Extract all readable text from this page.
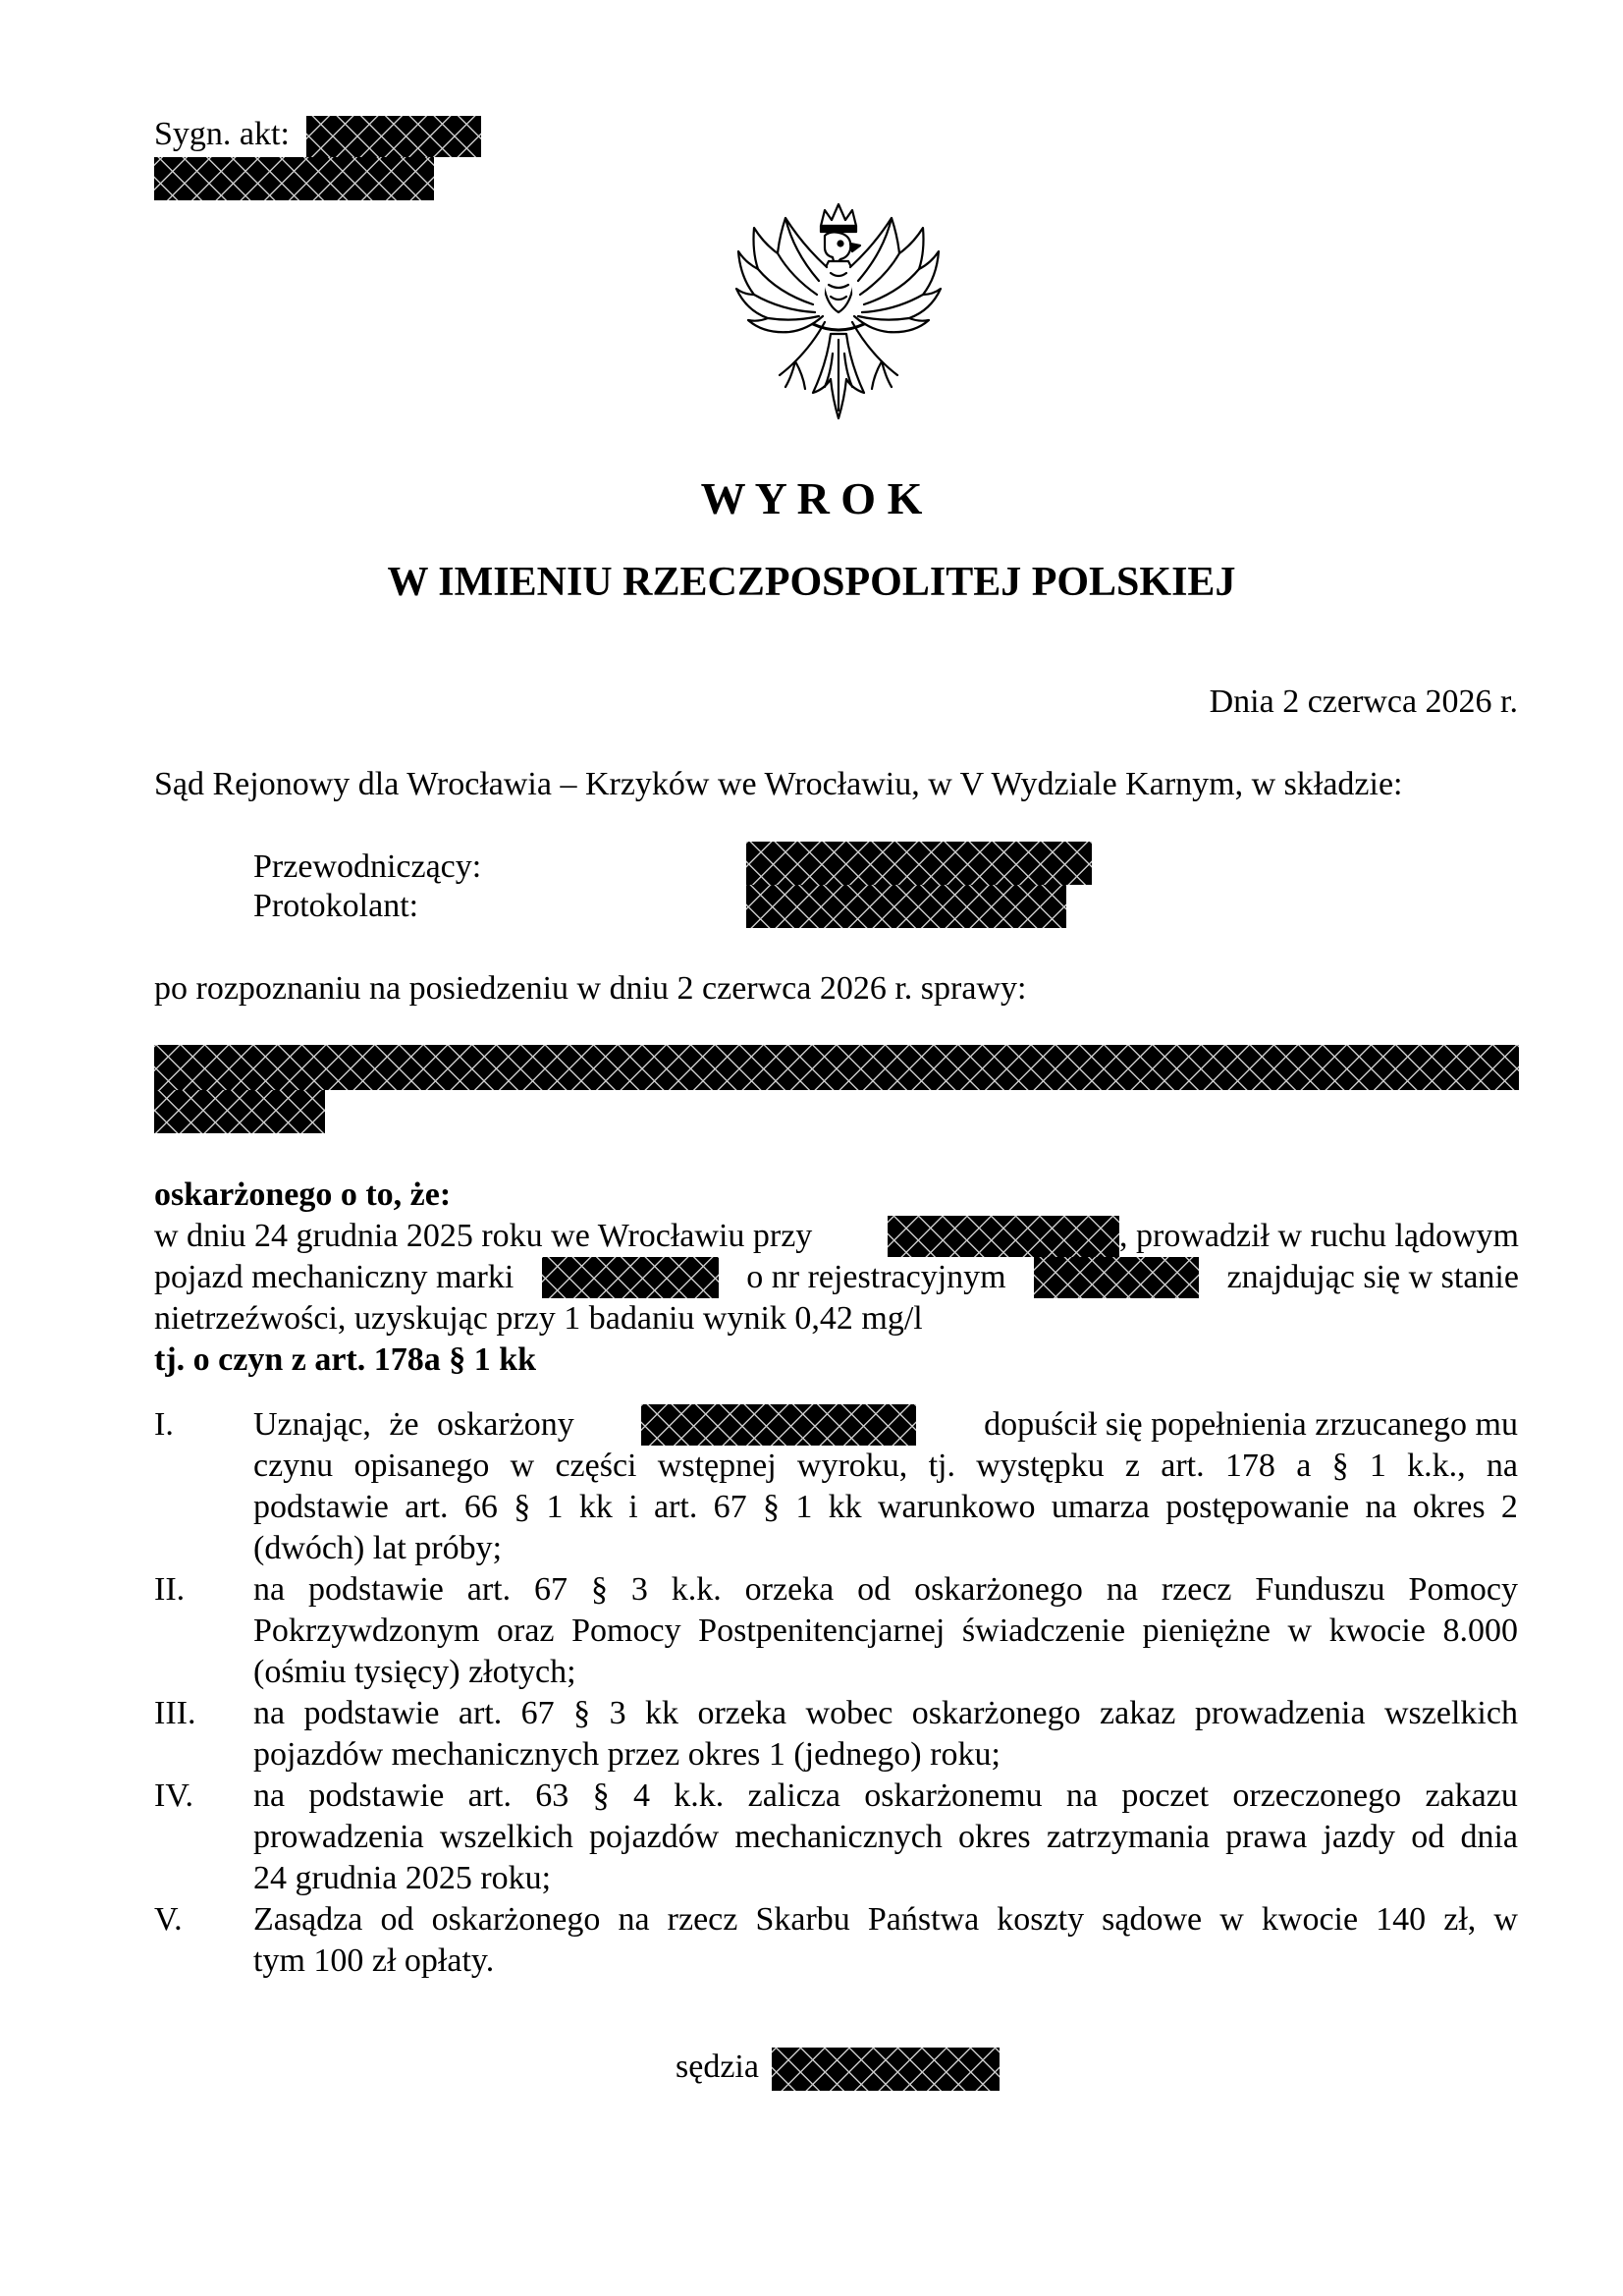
Sygn. akt:
W Y R O K
W IMIENIU RZECZPOSPOLITEJ POLSKIEJ
Dnia 2 czerwca 2026 r.
Sąd Rejonowy dla Wrocławia – Krzyków we Wrocławiu, w V Wydziale Karnym, w składzie:
Przewodniczący:
Protokolant:
po rozpoznaniu na posiedzeniu w dniu 2 czerwca 2026 r. sprawy:
oskarżonego o to, że:
w dniu 24 grudnia 2025 roku we Wrocławiu przy	, prowadził w ruchu lądowym
pojazd mechaniczny marki	o nr rejestracyjnym	znajdując się w stanie
nietrzeźwości, uzyskując przy 1 badaniu wynik 0,42 mg/l
tj. o czyn z art. 178a § 1 kk
I. Uznając, że oskarżony	dopuścił się popełnienia zrzucanego mu
czynu opisanego w części wstępnej wyroku, tj. występku z art. 178 a § 1 k.k., na
podstawie art. 66 § 1 kk i art. 67 § 1 kk warunkowo umarza postępowanie na okres 2
(dwóch) lat próby;
II. na podstawie art. 67 § 3 k.k. orzeka od oskarżonego na rzecz Funduszu Pomocy
Pokrzywdzonym oraz Pomocy Postpenitencjarnej świadczenie pieniężne w kwocie 8.000
(ośmiu tysięcy) złotych;
III. na podstawie art. 67 § 3 kk orzeka wobec oskarżonego zakaz prowadzenia wszelkich
pojazdów mechanicznych przez okres 1 (jednego) roku;
IV. na podstawie art. 63 § 4 k.k. zalicza oskarżonemu na poczet orzeczonego zakazu
prowadzenia wszelkich pojazdów mechanicznych okres zatrzymania prawa jazdy od dnia
24 grudnia 2025 roku;
V. Zasądza od oskarżonego na rzecz Skarbu Państwa koszty sądowe w kwocie 140 zł, w
tym 100 zł opłaty.
sędzia
